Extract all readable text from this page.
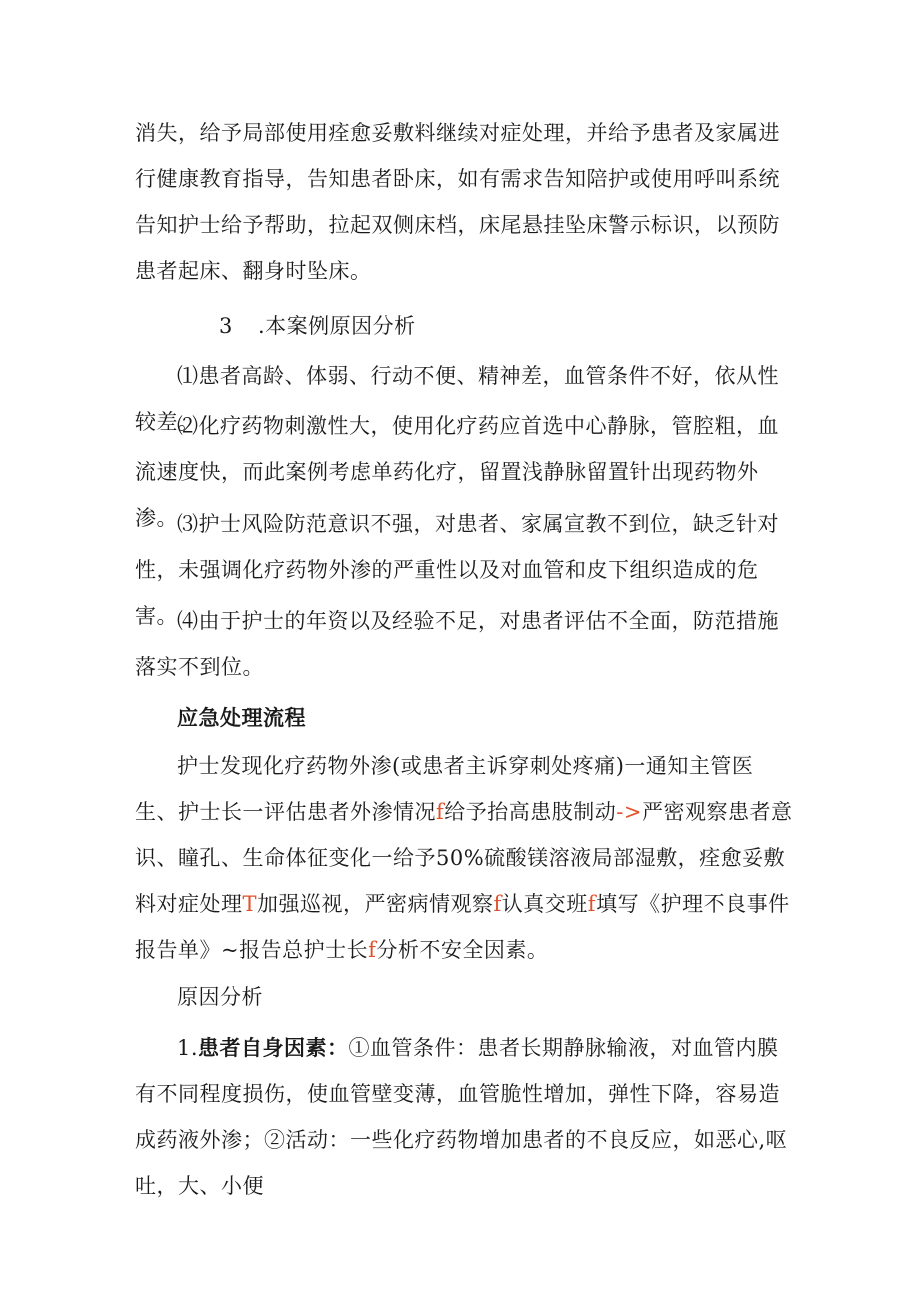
消失，给予局部使用痊愈妥敷料继续对症处理，并给予患者及家属进行健康教育指导，告知患者卧床，如有需求告知陪护或使用呼叫系统告知护士给予帮助，拉起双侧床档，床尾悬挂坠床警示标识，以预防患者起床、翻身时坠床。

3 .本案例原因分析

⑴患者高龄、体弱、行动不便、精神差，血管条件不好，依从性较差。

⑵化疗药物刺激性大，使用化疗药应首选中心静脉，管腔粗，血流速度快，而此案例考虑单药化疗，留置浅静脉留置针出现药物外渗。 ⑶护士风险防范意识不强，对患者、家属宣教不到位，缺乏针对性，未强调化疗药物外渗的严重性以及对血管和皮下组织造成的危害。 ⑷由于护士的年资以及经验不足，对患者评估不全面，防范措施落实不到位。

应急处理流程

护士发现化疗药物外渗(或患者主诉穿刺处疼痛)一通知主管医生、护士长一评估患者外渗情况f给予抬高患肢制动->严密观察患者意识、瞳孔、生命体征变化一给予50%硫酸镁溶液局部湿敷，痊愈妥敷料对症处理T加强巡视，严密病情观察f认真交班f填写《护理不良事件报告单》~报告总护士长f分析不安全因素。

原因分析

1.患者自身因素：①血管条件：患者长期静脉输液，对血管内膜有不同程度损伤，使血管壁变薄，血管脆性增加，弹性下降，容易造成药液外渗；②活动：一些化疗药物增加患者的不良反应，如恶心,呕吐，大、小便
